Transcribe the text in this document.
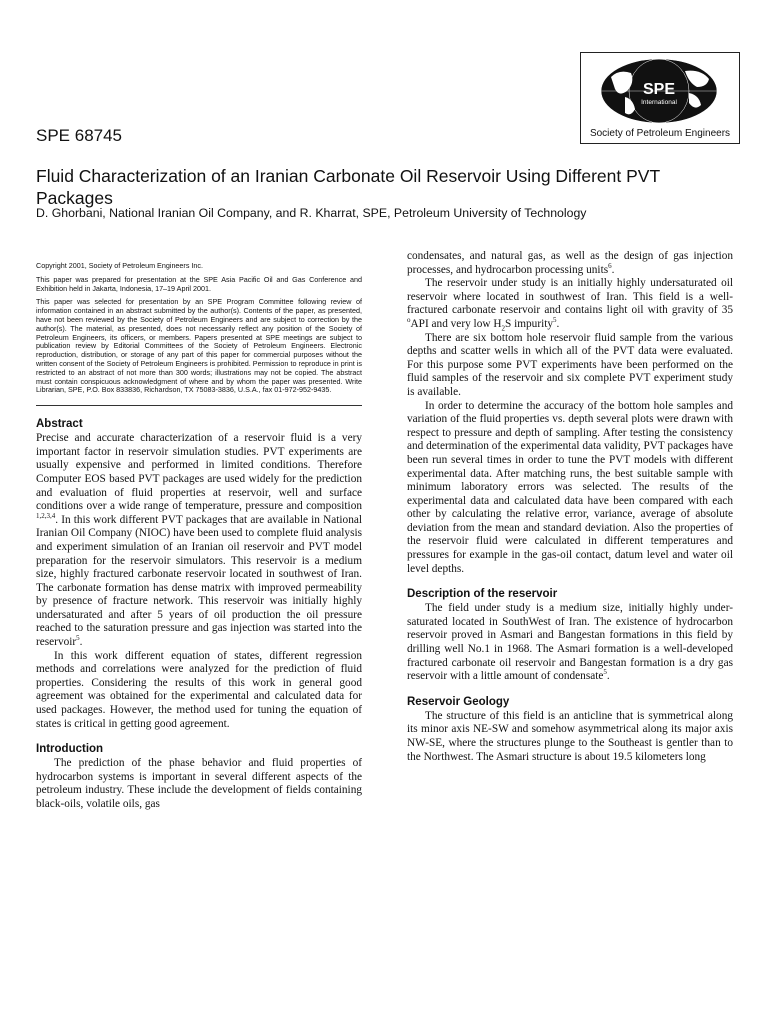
SPE
International
Society of Petroleum Engineers
SPE 68745
Fluid Characterization of an Iranian Carbonate Oil Reservoir Using Different PVT Packages
D. Ghorbani, National Iranian Oil Company, and R. Kharrat, SPE, Petroleum University of Technology

Copyright 2001, Society of Petroleum Engineers Inc.

This paper was prepared for presentation at the SPE Asia Pacific Oil and Gas Conference and Exhibition held in Jakarta, Indonesia, 17–19 April 2001.

This paper was selected for presentation by an SPE Program Committee following review of information contained in an abstract submitted by the author(s). Contents of the paper, as presented, have not been reviewed by the Society of Petroleum Engineers and are subject to correction by the author(s). The material, as presented, does not necessarily reflect any position of the Society of Petroleum Engineers, its officers, or members. Papers presented at SPE meetings are subject to publication review by Editorial Committees of the Society of Petroleum Engineers. Electronic reproduction, distribution, or storage of any part of this paper for commercial purposes without the written consent of the Society of Petroleum Engineers is prohibited. Permission to reproduce in print is restricted to an abstract of not more than 300 words; illustrations may not be copied. The abstract must contain conspicuous acknowledgment of where and by whom the paper was presented. Write Librarian, SPE, P.O. Box 833836, Richardson, TX 75083-3836, U.S.A., fax 01-972-952-9435.

Abstract

Precise and accurate characterization of a reservoir fluid is a very important factor in reservoir simulation studies. PVT experiments are usually expensive and performed in limited conditions. Therefore Computer EOS based PVT packages are used widely for the prediction and evaluation of fluid properties at reservoir, well and surface conditions over a wide range of temperature, pressure and composition $^{1,2,3,4}$. In this work different PVT packages that are available in National Iranian Oil Company (NIOC) have been used to complete fluid analysis and experiment simulation of an Iranian oil reservoir and PVT model preparation for the reservoir simulators. This reservoir is a medium size, highly fractured carbonate reservoir located in southwest of Iran. The carbonate formation has dense matrix with improved permeability by presence of fracture network. This reservoir was initially highly undersaturated and after 5 years of oil production the oil pressure reached to the saturation pressure and gas injection was started into the reservoir$^5$.

In this work different equation of states, different regression methods and correlations were analyzed for the prediction of fluid properties. Considering the results of this work in general good agreement was obtained for the experimental and calculated data for used packages. However, the method used for tuning the equation of states is critical in getting good agreement.

Introduction

The prediction of the phase behavior and fluid properties of hydrocarbon systems is important in several different aspects of the petroleum industry. These include the development of fields containing black-oils, volatile oils, gas

condensates, and natural gas, as well as the design of gas injection processes, and hydrocarbon processing units$^6$.

The reservoir under study is an initially highly undersaturated oil reservoir where located in southwest of Iran. This field is a well-fractured carbonate reservoir and contains light oil with gravity of 35 $^o$API and very low $H_2S$ impurity$^5$.

There are six bottom hole reservoir fluid sample from the various depths and scatter wells in which all of the PVT data were evaluated. For this purpose some PVT experiments have been performed on the fluid samples of the reservoir and six complete PVT experiment study is available.

In order to determine the accuracy of the bottom hole samples and variation of the fluid properties vs. depth several plots were drawn with respect to pressure and depth of sampling. After testing the consistency and determination of the experimental data validity, PVT packages have been run several times in order to tune the PVT models with different experimental data. After matching runs, the best suitable sample with minimum laboratory errors was selected. The results of the experimental data and calculated data have been compared with each other by calculating the relative error, variance, average of absolute deviation from the mean and standard deviation. Also the properties of the reservoir fluid were calculated in different temperatures and pressures for example in the gas-oil contact, datum level and water oil level depths.

Description of the reservoir

The field under study is a medium size, initially highly under-saturated located in SouthWest of Iran. The existence of hydrocarbon reservoir proved in Asmari and Bangestan formations in this field by drilling well No.1 in 1968. The Asmari formation is a well-developed fractured carbonate oil reservoir and Bangestan formation is a dry gas reservoir with a little amount of condensate$^5$.

Reservoir Geology

The structure of this field is an anticline that is symmetrical along its minor axis NE-SW and somehow asymmetrical along its major axis NW-SE, where the structures plunge to the Southeast is gentler than to the Northwest. The Asmari structure is about 19.5 kilometers long
